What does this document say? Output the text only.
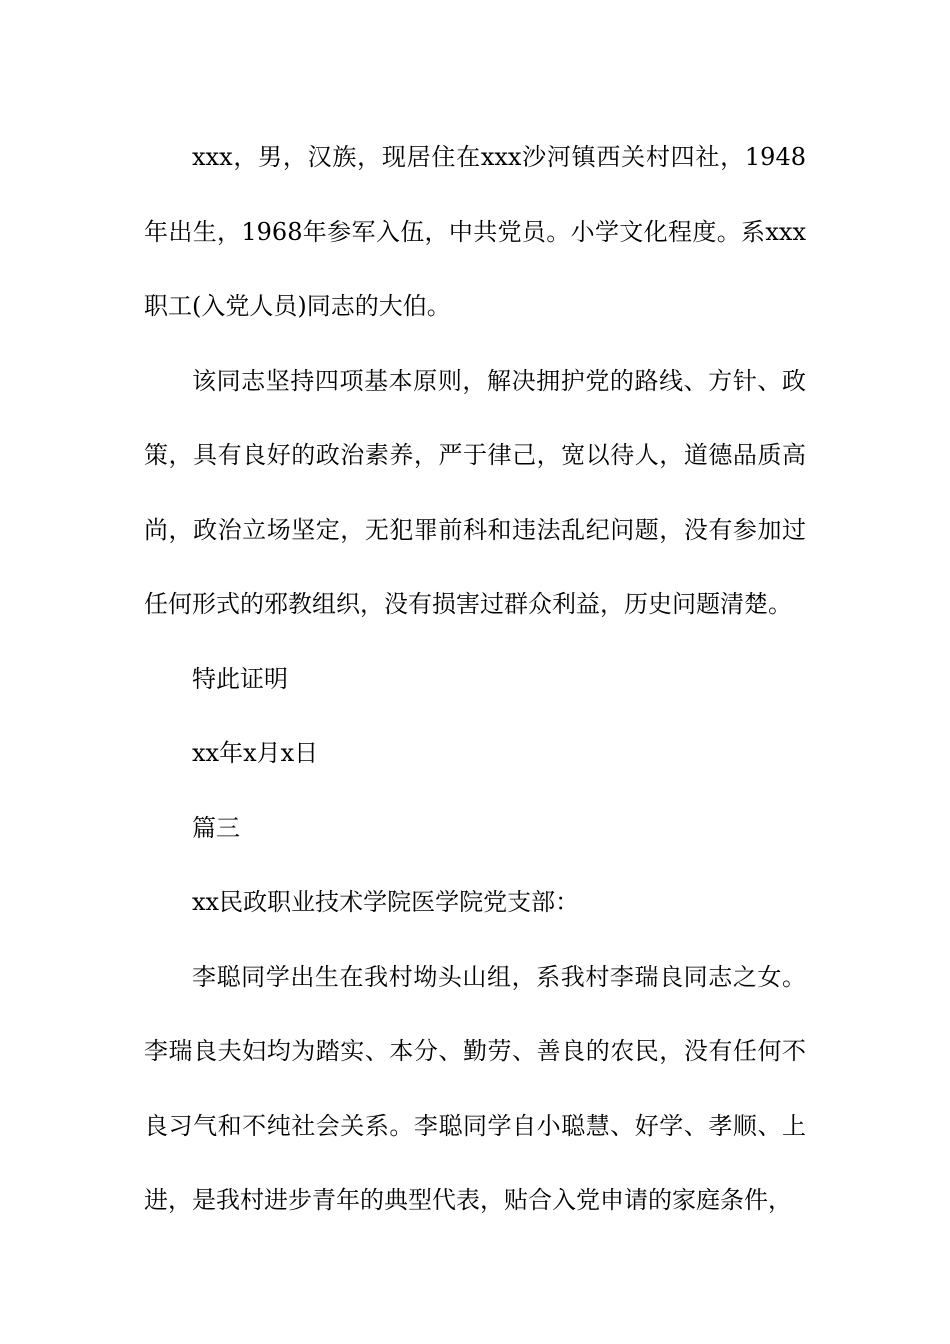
xxx，男，汉族，现居住在xxx沙河镇西关村四社，1948年出生，1968年参军入伍，中共党员。小学文化程度。系xxx职工(入党人员)同志的大伯。

该同志坚持四项基本原则，解决拥护党的路线、方针、政策，具有良好的政治素养，严于律己，宽以待人，道德品质高尚，政治立场坚定，无犯罪前科和违法乱纪问题，没有参加过任何形式的邪教组织，没有损害过群众利益，历史问题清楚。

特此证明

xx年x月x日

篇三

xx民政职业技术学院医学院党支部：

李聪同学出生在我村坳头山组，系我村李瑞良同志之女。李瑞良夫妇均为踏实、本分、勤劳、善良的农民，没有任何不良习气和不纯社会关系。李聪同学自小聪慧、好学、孝顺、上进，是我村进步青年的典型代表，贴合入党申请的家庭条件，
